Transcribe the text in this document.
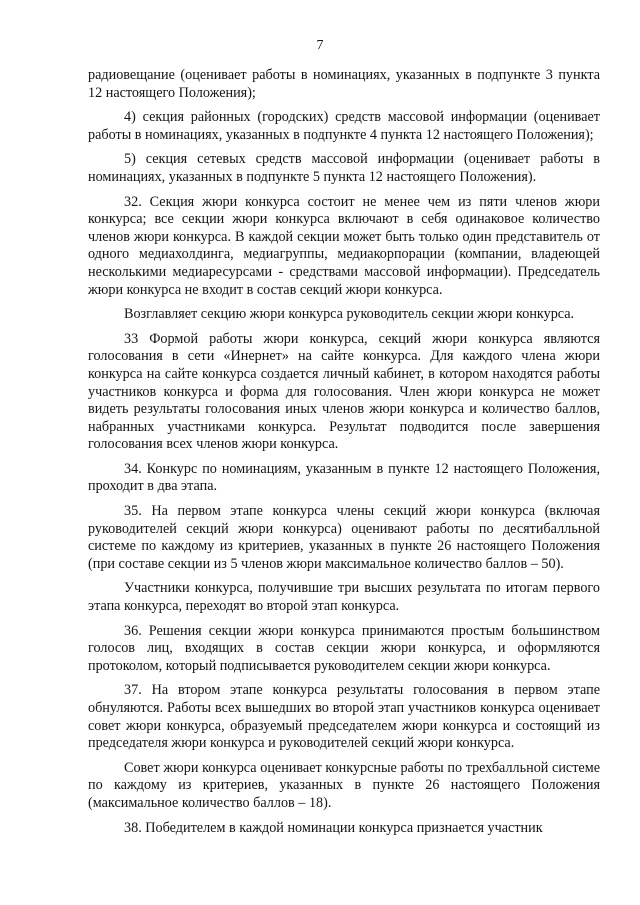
7

радиовещание (оценивает работы в номинациях, указанных в подпункте 3 пункта 12 настоящего Положения);

4) секция районных (городских) средств массовой информации (оценивает работы в номинациях, указанных в подпункте 4 пункта 12 настоящего Положения);

5) секция сетевых средств массовой информации (оценивает работы в номинациях, указанных в подпункте 5 пункта 12 настоящего Положения).

32. Секция жюри конкурса состоит не менее чем из пяти членов жюри конкурса; все секции жюри конкурса включают в себя одинаковое количество членов жюри конкурса. В каждой секции может быть только один представитель от одного медиахолдинга, медиагруппы, медиакорпорации (компании, владеющей несколькими медиаресурсами - средствами массовой информации). Председатель жюри конкурса не входит в состав секций жюри конкурса.

Возглавляет секцию жюри конкурса руководитель секции жюри конкурса.

33 Формой работы жюри конкурса, секций жюри конкурса являются голосования в сети «Инернет» на сайте конкурса. Для каждого члена жюри конкурса на сайте конкурса создается личный кабинет, в котором находятся работы участников конкурса и форма для голосования. Член жюри конкурса не может видеть результаты голосования иных членов жюри конкурса и количество баллов, набранных участниками конкурса. Результат подводится после завершения голосования всех членов жюри конкурса.

34. Конкурс по номинациям, указанным в пункте 12 настоящего Положения, проходит в два этапа.

35. На первом этапе конкурса члены секций жюри конкурса (включая руководителей секций жюри конкурса) оценивают работы по десятибалльной системе по каждому из критериев, указанных в пункте 26 настоящего Положения (при составе секции из 5 членов жюри максимальное количество баллов – 50).

Участники конкурса, получившие три высших результата по итогам первого этапа конкурса, переходят во второй этап конкурса.

36. Решения секции жюри конкурса принимаются простым большинством голосов лиц, входящих в состав секции жюри конкурса, и оформляются протоколом, который подписывается руководителем секции жюри конкурса.

37. На втором этапе конкурса результаты голосования в первом этапе обнуляются. Работы всех вышедших во второй этап участников конкурса оценивает совет жюри конкурса, образуемый председателем жюри конкурса и состоящий из председателя жюри конкурса и руководителей секций жюри конкурса.

Совет жюри конкурса оценивает конкурсные работы по трехбалльной системе по каждому из критериев, указанных в пункте 26 настоящего Положения (максимальное количество баллов – 18).

38. Победителем в каждой номинации конкурса признается участник
